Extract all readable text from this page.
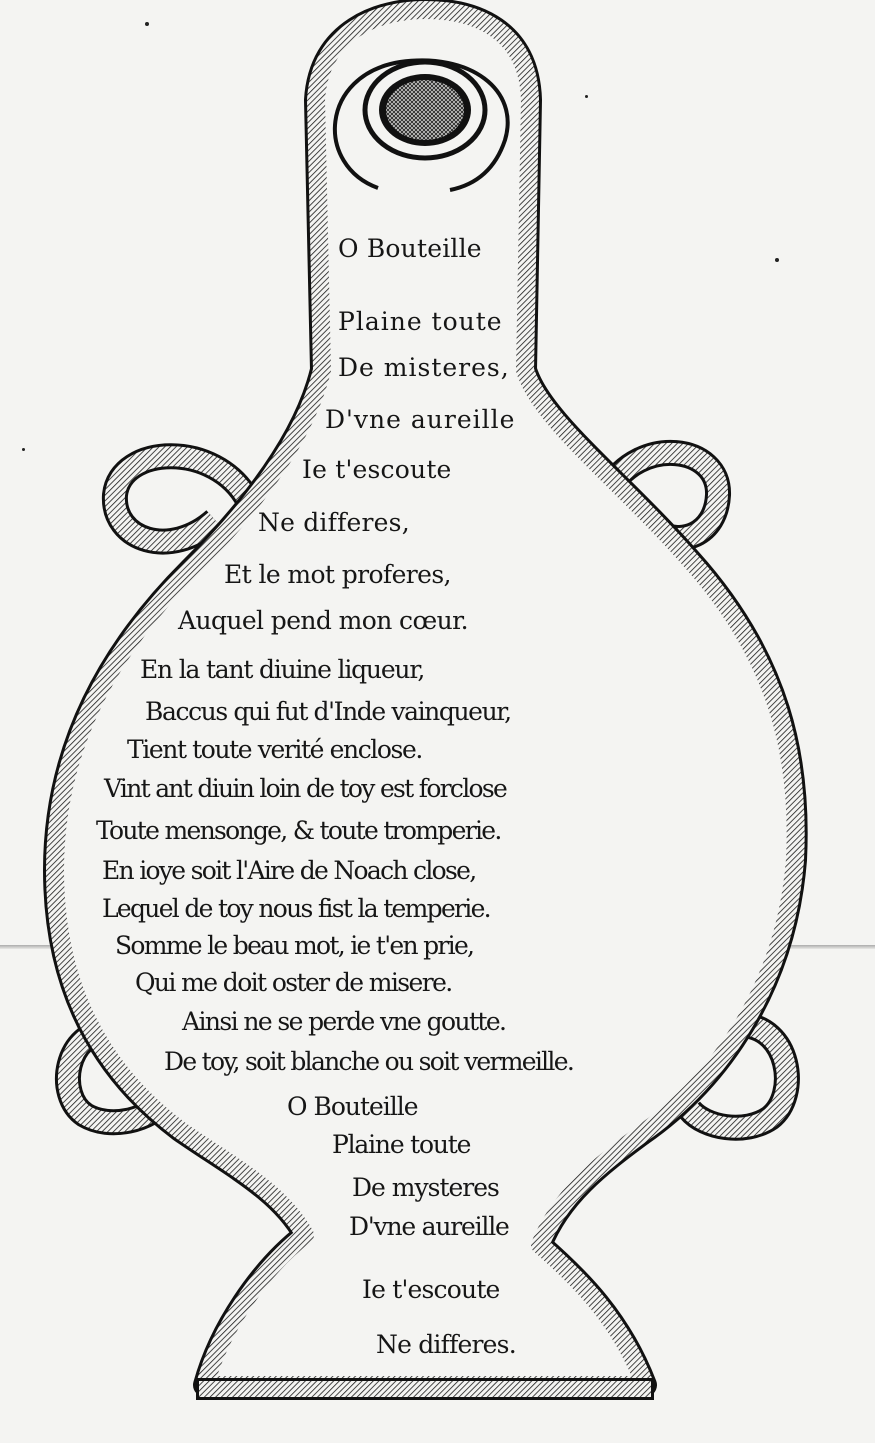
O Bouteille
Plaine toute
De misteres,
D'vne aureille
Ie t'escoute
Ne differes,
Et le mot proferes,
Auquel pend mon cœur.
En la tant diuine liqueur,
Baccus qui fut d'Inde vainqueur,
Tient toute verité enclose.
Vint ant diuin loin de toy est forclose
Toute mensonge, & toute tromperie.
En ioye soit l'Aire de Noach close,
Lequel de toy nous fist la temperie.
Somme le beau mot, ie t'en prie,
Qui me doit oster de misere.
Ainsi ne se perde vne goutte.
De toy, soit blanche ou soit vermeille.
O Bouteille
Plaine toute
De mysteres
D'vne aureille
Ie t'escoute
Ne differes.
